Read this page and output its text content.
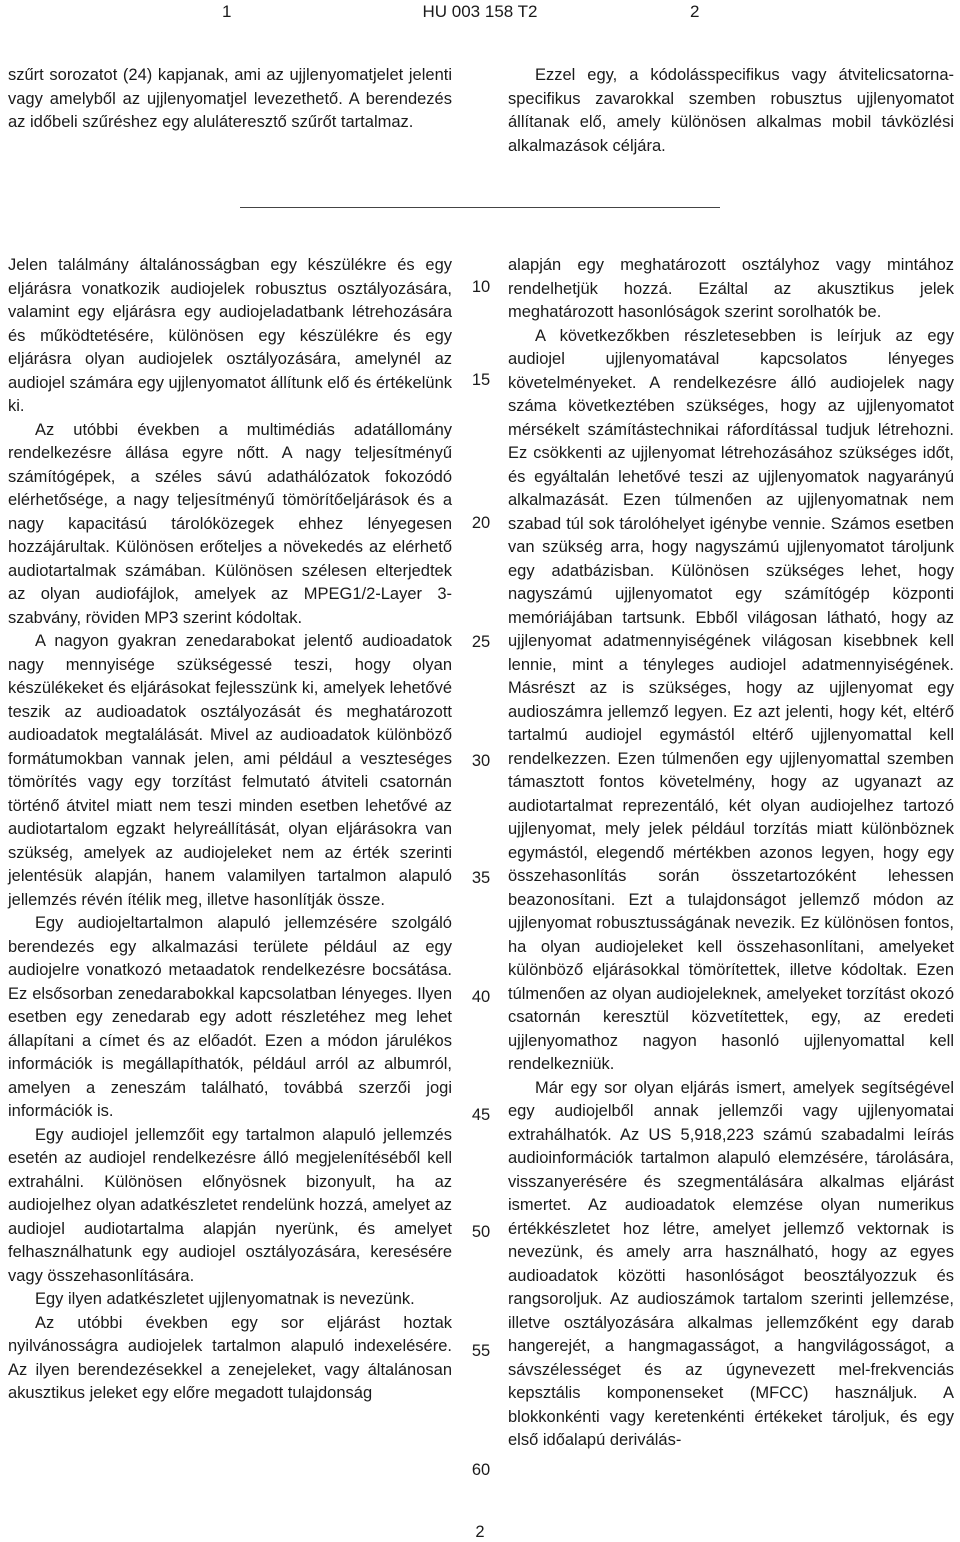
1	HU 003 158 T2	2

szűrt sorozatot (24) kapjanak, ami az ujjlenyomatjelet jelenti vagy amelyből az ujjlenyomatjel levezethető. A berendezés az időbeli szűréshez egy aluláteresztő szűrőt tartalmaz.

Ezzel egy, a kódolásspecifikus vagy átvitelicsatorna-specifikus zavarokkal szemben robusztus ujjlenyomatot állítanak elő, amely különösen alkalmas mobil távközlési alkalmazások céljára.

Jelen találmány általánosságban egy készülékre és egy eljárásra vonatkozik audiojelek robusztus osztályozására, valamint egy eljárásra egy audiojeladatbank létrehozására és működtetésére, különösen egy készülékre és egy eljárásra olyan audiojelek osztályozására, amelynél az audiojel számára egy ujjlenyomatot állítunk elő és értékelünk ki.

Az utóbbi években a multimédiás adatállomány rendelkezésre állása egyre nőtt. A nagy teljesítményű számítógépek, a széles sávú adathálózatok fokozódó elérhetősége, a nagy teljesítményű tömörítőeljárások és a nagy kapacitású tárolóközegek ehhez lényegesen hozzájárultak. Különösen erőteljes a növekedés az elérhető audiotartalmak számában. Különösen szélesen elterjedtek az olyan audiofájlok, amelyek az MPEG1/2-Layer 3-szabvány, röviden MP3 szerint kódoltak.

A nagyon gyakran zenedarabokat jelentő audioadatok nagy mennyisége szükségessé teszi, hogy olyan készülékeket és eljárásokat fejlesszünk ki, amelyek lehetővé teszik az audioadatok osztályozását és meghatározott audioadatok megtalálását. Mivel az audioadatok különböző formátumokban vannak jelen, ami például a veszteséges tömörítés vagy egy torzítást felmutató átviteli csatornán történő átvitel miatt nem teszi minden esetben lehetővé az audiotartalom egzakt helyreállítását, olyan eljárásokra van szükség, amelyek az audiojeleket nem az érték szerinti jelentésük alapján, hanem valamilyen tartalmon alapuló jellemzés révén ítélik meg, illetve hasonlítják össze.

Egy audiojeltartalmon alapuló jellemzésére szolgáló berendezés egy alkalmazási területe például az egy audiojelre vonatkozó metaadatok rendelkezésre bocsátása. Ez elsősorban zenedarabokkal kapcsolatban lényeges. Ilyen esetben egy zenedarab egy adott részletéhez meg lehet állapítani a címet és az előadót. Ezen a módon járulékos információk is megállapíthatók, például arról az albumról, amelyen a zeneszám található, továbbá szerzői jogi információk is.

Egy audiojel jellemzőit egy tartalmon alapuló jellemzés esetén az audiojel rendelkezésre álló megjelenítéséből kell extrahálni. Különösen előnyösnek bizonyult, ha az audiojelhez olyan adatkészletet rendelünk hozzá, amelyet az audiojel audiotartalma alapján nyerünk, és amelyet felhasználhatunk egy audiojel osztályozására, keresésére vagy összehasonlítására.

Egy ilyen adatkészletet ujjlenyomatnak is nevezünk.

Az utóbbi években egy sor eljárást hoztak nyilvánosságra audiojelek tartalmon alapuló indexelésére. Az ilyen berendezésekkel a zenejeleket, vagy általánosan akusztikus jeleket egy előre megadott tulajdonság

10
15
20
25
30
35
40
45
50
55
60

alapján egy meghatározott osztályhoz vagy mintához rendelhetjük hozzá. Ezáltal az akusztikus jelek meghatározott hasonlóságok szerint sorolhatók be.

A következőkben részletesebben is leírjuk az egy audiojel ujjlenyomatával kapcsolatos lényeges követelményeket. A rendelkezésre álló audiojelek nagy száma következtében szükséges, hogy az ujjlenyomatot mérsékelt számítástechnikai ráfordítással tudjuk létrehozni. Ez csökkenti az ujjlenyomat létrehozásához szükséges időt, és egyáltalán lehetővé teszi az ujjlenyomatok nagyarányú alkalmazását. Ezen túlmenően az ujjlenyomatnak nem szabad túl sok tárolóhelyet igénybe vennie. Számos esetben van szükség arra, hogy nagyszámú ujjlenyomatot tároljunk egy adatbázisban. Különösen szükséges lehet, hogy nagyszámú ujjlenyomatot egy számítógép központi memóriájában tartsunk. Ebből világosan látható, hogy az ujjlenyomat adatmennyiségének világosan kisebbnek kell lennie, mint a tényleges audiojel adatmennyiségének. Másrészt az is szükséges, hogy az ujjlenyomat egy audioszámra jellemző legyen. Ez azt jelenti, hogy két, eltérő tartalmú audiojel egymástól eltérő ujjlenyomattal kell rendelkezzen. Ezen túlmenően egy ujjlenyomattal szemben támasztott fontos követelmény, hogy az ugyanazt az audiotartalmat reprezentáló, két olyan audiojelhez tartozó ujjlenyomat, mely jelek például torzítás miatt különböznek egymástól, elegendő mértékben azonos legyen, hogy egy összehasonlítás során összetartozóként lehessen beazonosítani. Ezt a tulajdonságot jellemző módon az ujjlenyomat robusztusságának nevezik. Ez különösen fontos, ha olyan audiojeleket kell összehasonlítani, amelyeket különböző eljárásokkal tömörítettek, illetve kódoltak. Ezen túlmenően az olyan audiojeleknek, amelyeket torzítást okozó csatornán keresztül közvetítettek, egy, az eredeti ujjlenyomathoz nagyon hasonló ujjlenyomattal kell rendelkezniük.

Már egy sor olyan eljárás ismert, amelyek segítségével egy audiojelből annak jellemzői vagy ujjlenyomatai extrahálhatók. Az US 5,918,223 számú szabadalmi leírás audioinformációk tartalmon alapuló elemzésére, tárolására, visszanyerésére és szegmentálására alkalmas eljárást ismertet. Az audioadatok elemzése olyan numerikus értékkészletet hoz létre, amelyet jellemző vektornak is nevezünk, és amely arra használható, hogy az egyes audioadatok közötti hasonlóságot beosztályozzuk és rangsoroljuk. Az audioszámok tartalom szerinti jellemzése, illetve osztályozására alkalmas jellemzőként egy darab hangerejét, a hangmagasságot, a hangvilágosságot, a sávszélességet és az úgynevezett mel-frekvenciás kepsztális komponenseket (MFCC) használjuk. A blokkonkénti vagy keretenkénti értékeket tároljuk, és egy első időalapú deriválás-

2
